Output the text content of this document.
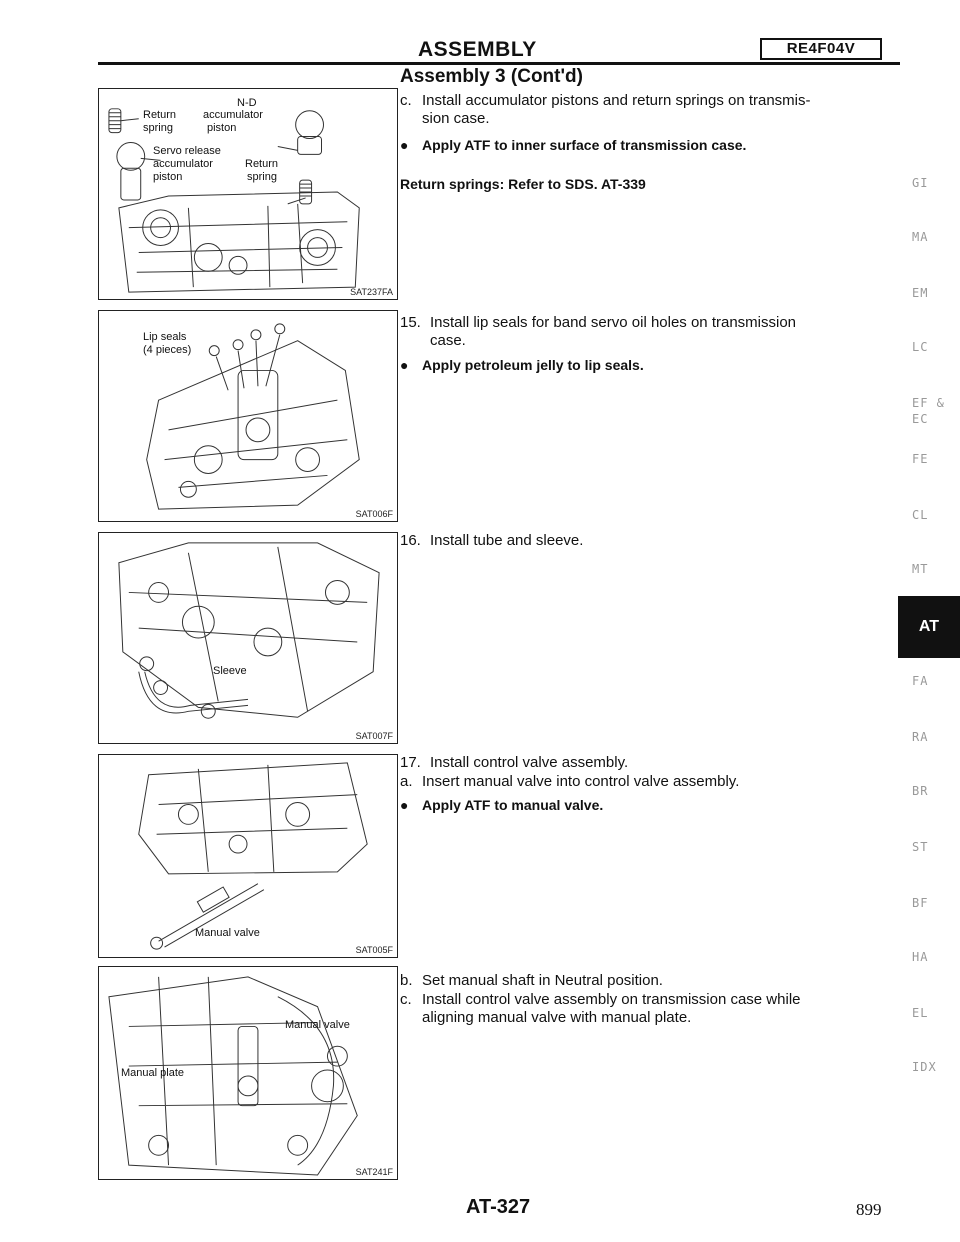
ASSEMBLY	RE4F04V
Assembly 3 (Cont'd)
N-D
Return accumulator
spring	piston
Servo release
accumulator	Return
piston	spring
SAT237FA
Lip seals
(4 pieces)
SAT006F
Sleeve
SAT007F
Manual valve
SAT005F
Manual valve
Manual plate
SAT241F
c. Install accumulator pistons and return springs on transmis-
sion case.
● Apply ATF to inner surface of transmission case.
Return springs: Refer to SDS. AT-339
15. Install lip seals for band servo oil holes on transmission
case.
● Apply petroleum jelly to lip seals.
16. Install tube and sleeve.
17. Install control valve assembly.
a. Insert manual valve into control valve assembly.
● Apply ATF to manual valve.
b. Set manual shaft in Neutral position.
c. Install control valve assembly on transmission case while
aligning manual valve with manual plate.
GI
MA
EM
LC
EF &
EC
FE
CL
MT
FA
RA
BR
ST
BF
HA
EL
IDX
AT
AT-327	899
